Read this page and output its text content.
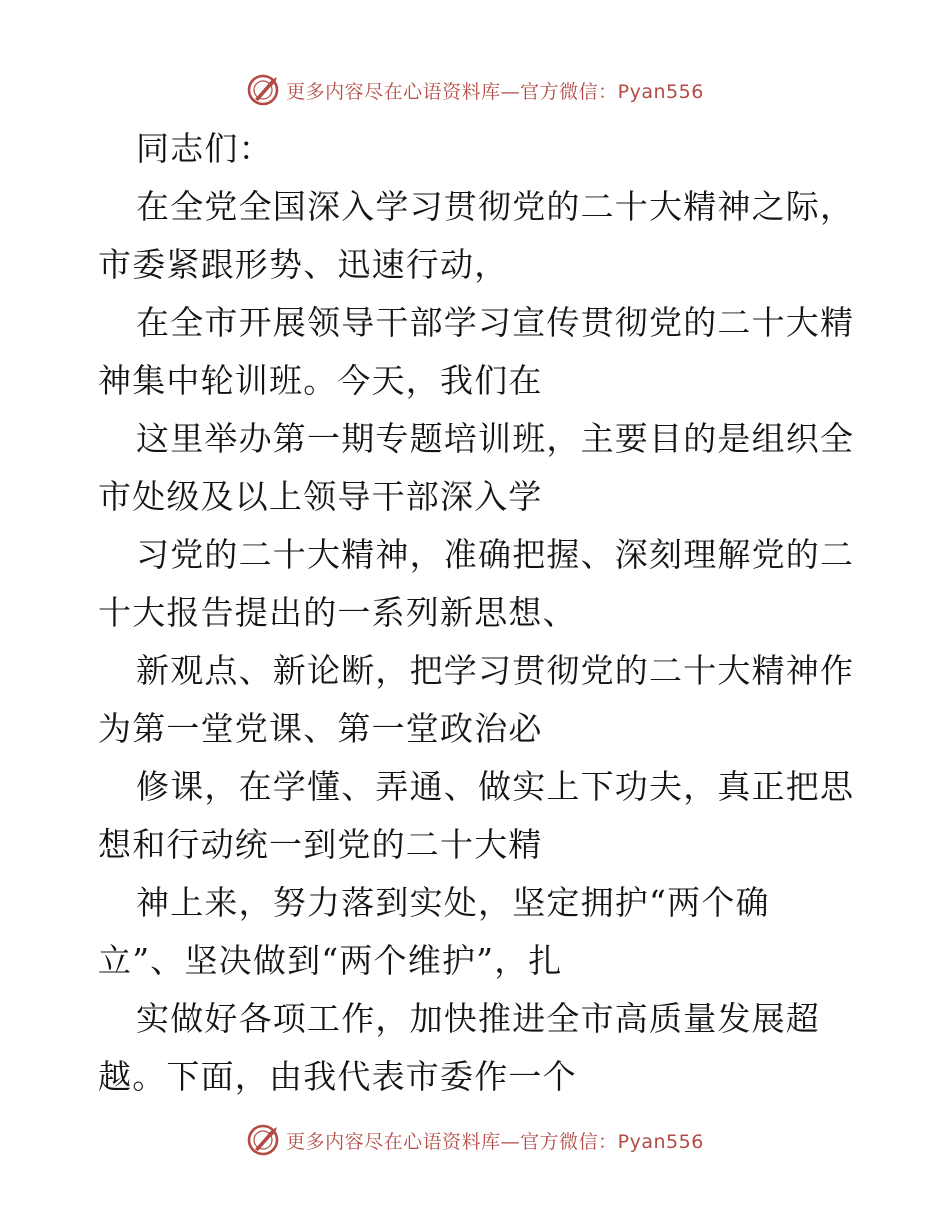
更多内容尽在心语资料库—官方微信：Pyan556
同志们：
在全党全国深入学习贯彻党的二十大精神之际，
市委紧跟形势、迅速行动，
在全市开展领导干部学习宣传贯彻党的二十大精
神集中轮训班。今天，我们在
这里举办第一期专题培训班，主要目的是组织全
市处级及以上领导干部深入学
习党的二十大精神，准确把握、深刻理解党的二
十大报告提出的一系列新思想、
新观点、新论断，把学习贯彻党的二十大精神作
为第一堂党课、第一堂政治必
修课，在学懂、弄通、做实上下功夫，真正把思
想和行动统一到党的二十大精
神上来，努力落到实处，坚定拥护“两个确
立”、坚决做到“两个维护”，扎
实做好各项工作，加快推进全市高质量发展超
越。下面，由我代表市委作一个
更多内容尽在心语资料库—官方微信：Pyan556
